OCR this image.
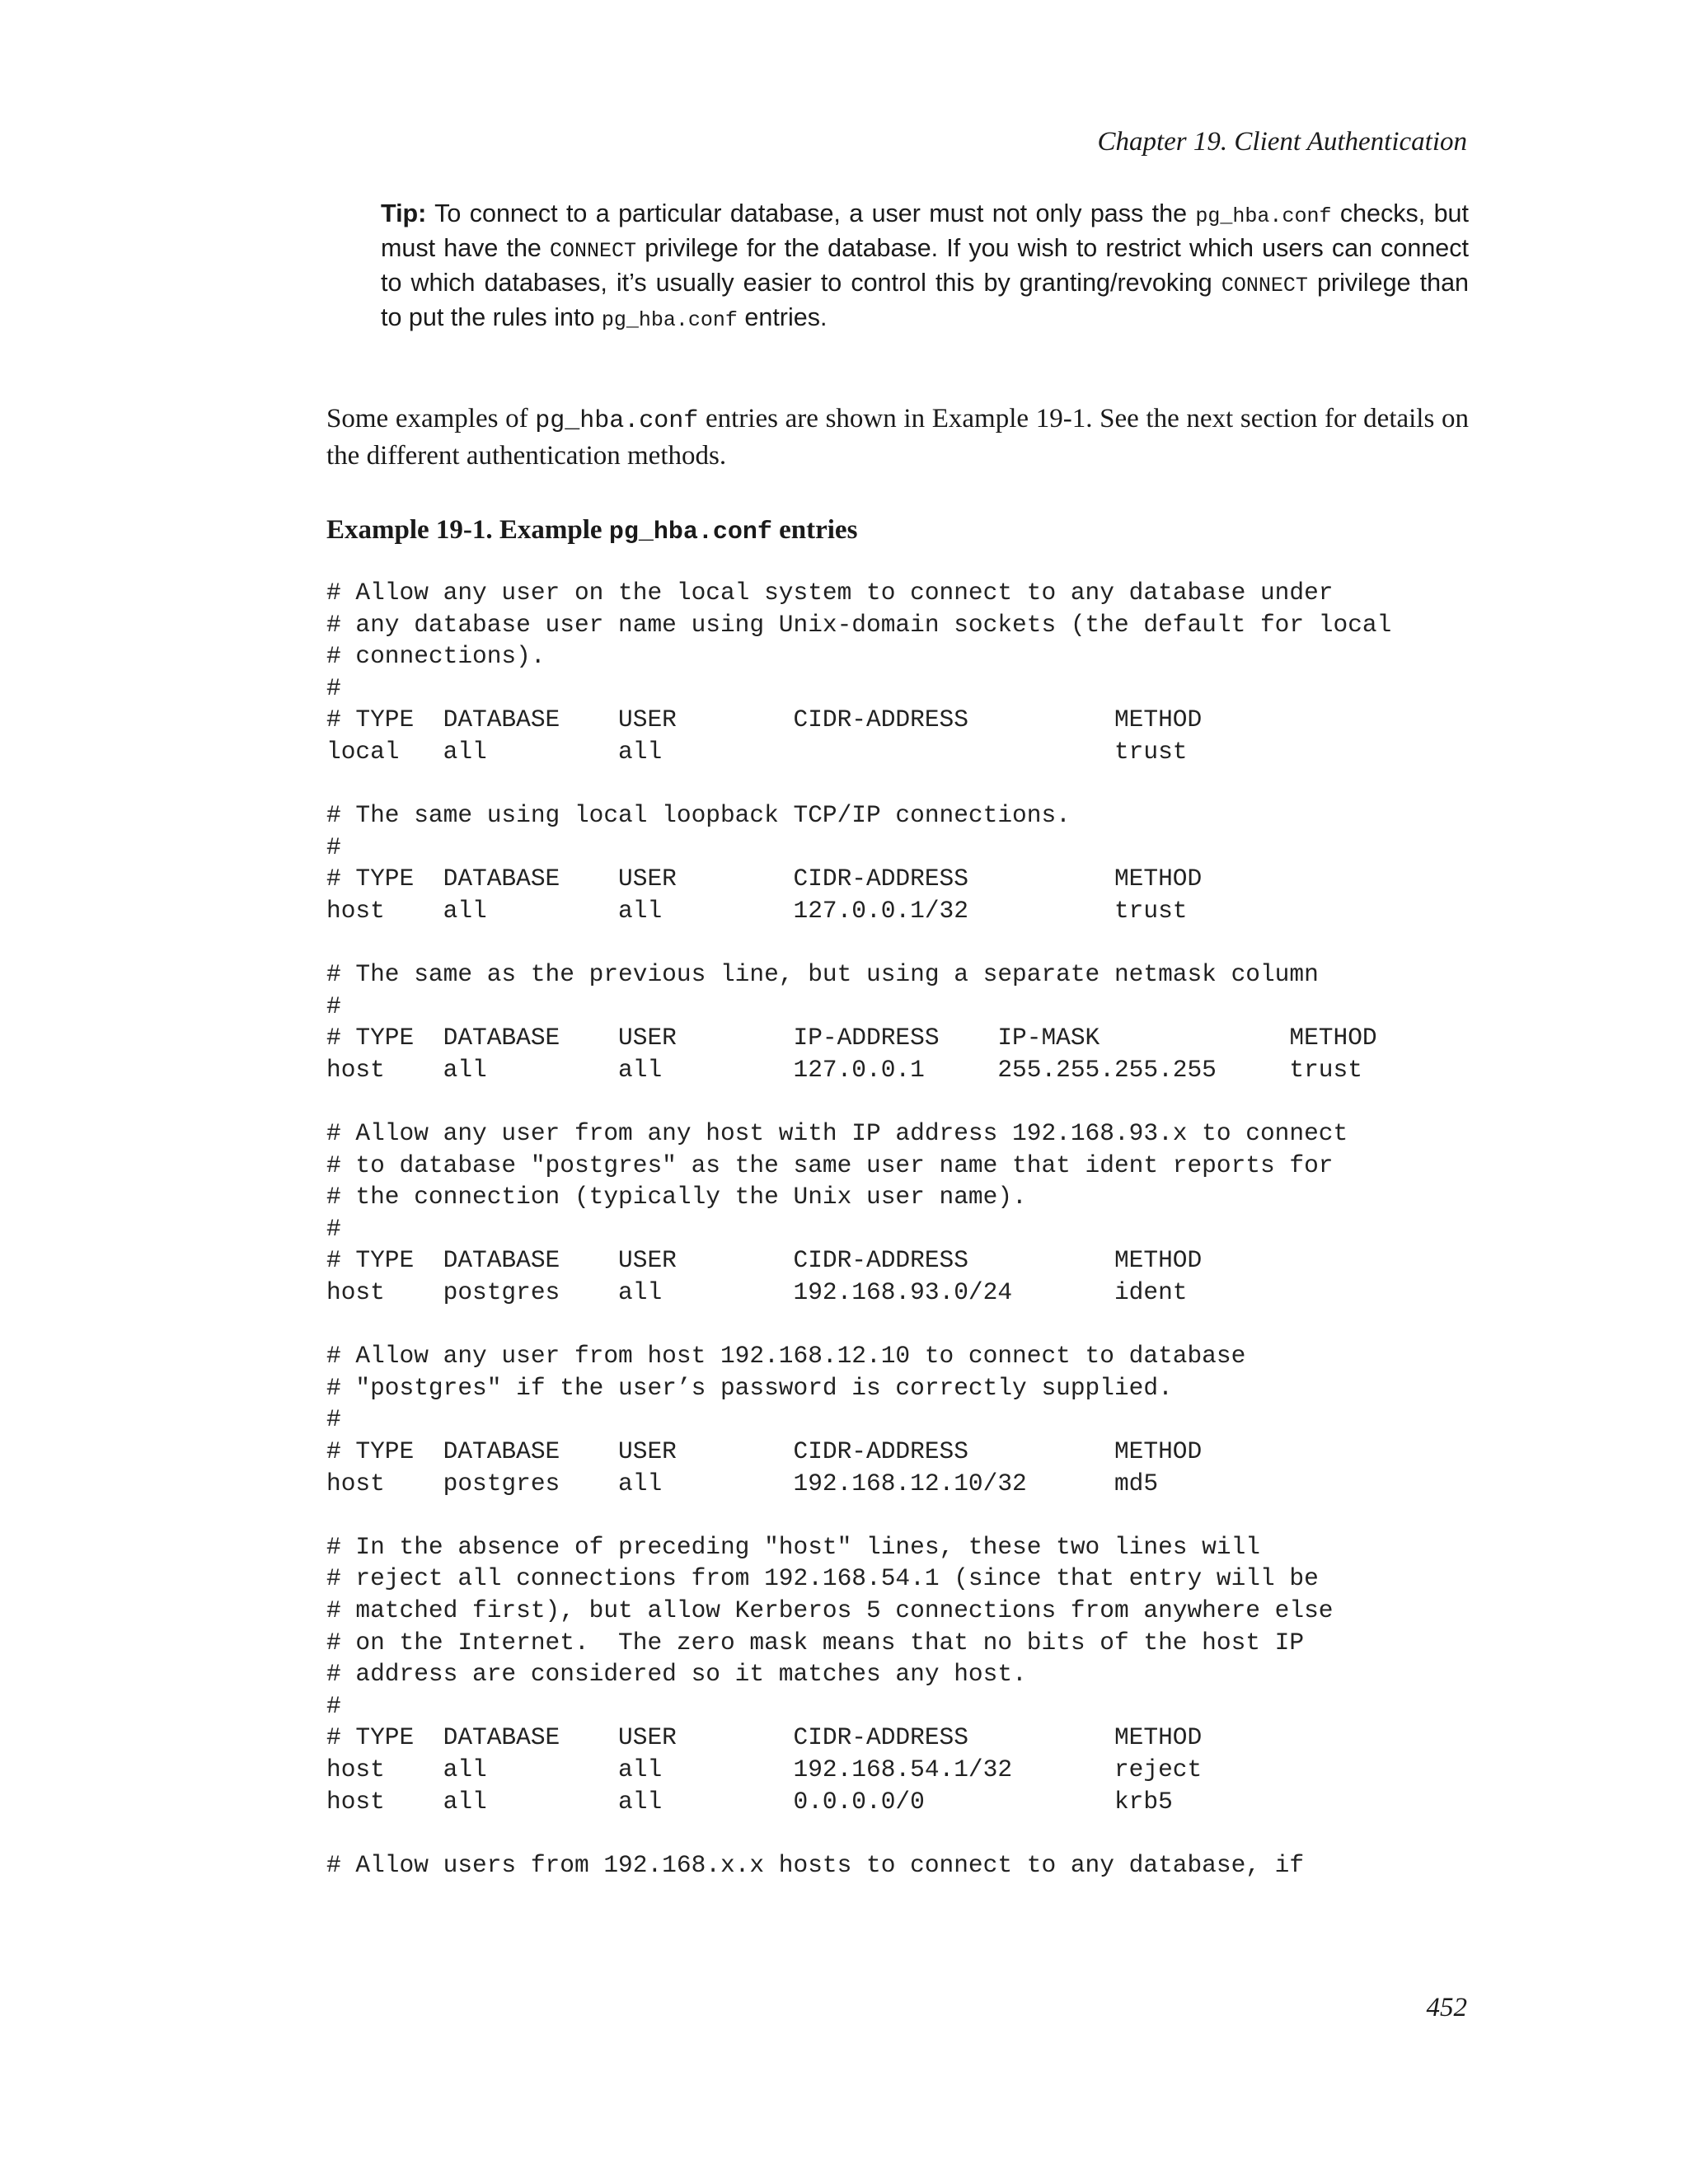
Chapter 19. Client Authentication
Tip: To connect to a particular database, a user must not only pass the pg_hba.conf checks, but must have the CONNECT privilege for the database. If you wish to restrict which users can connect to which databases, it’s usually easier to control this by granting/revoking CONNECT privilege than to put the rules into pg_hba.conf entries.
Some examples of pg_hba.conf entries are shown in Example 19-1. See the next section for details on the different authentication methods.
Example 19-1. Example pg_hba.conf entries
# Allow any user on the local system to connect to any database under
# any database user name using Unix-domain sockets (the default for local
# connections).
#
# TYPE  DATABASE    USER        CIDR-ADDRESS          METHOD
local   all         all                               trust
# The same using local loopback TCP/IP connections.
#
# TYPE  DATABASE    USER        CIDR-ADDRESS          METHOD
host    all         all         127.0.0.1/32          trust
# The same as the previous line, but using a separate netmask column
#
# TYPE  DATABASE    USER        IP-ADDRESS    IP-MASK             METHOD
host    all         all         127.0.0.1     255.255.255.255     trust
# Allow any user from any host with IP address 192.168.93.x to connect
# to database "postgres" as the same user name that ident reports for
# the connection (typically the Unix user name).
#
# TYPE  DATABASE    USER        CIDR-ADDRESS          METHOD
host    postgres    all         192.168.93.0/24       ident
# Allow any user from host 192.168.12.10 to connect to database
# "postgres" if the user’s password is correctly supplied.
#
# TYPE  DATABASE    USER        CIDR-ADDRESS          METHOD
host    postgres    all         192.168.12.10/32      md5
# In the absence of preceding "host" lines, these two lines will
# reject all connections from 192.168.54.1 (since that entry will be
# matched first), but allow Kerberos 5 connections from anywhere else
# on the Internet.  The zero mask means that no bits of the host IP
# address are considered so it matches any host.
#
# TYPE  DATABASE    USER        CIDR-ADDRESS          METHOD
host    all         all         192.168.54.1/32       reject
host    all         all         0.0.0.0/0             krb5
# Allow users from 192.168.x.x hosts to connect to any database, if
452
